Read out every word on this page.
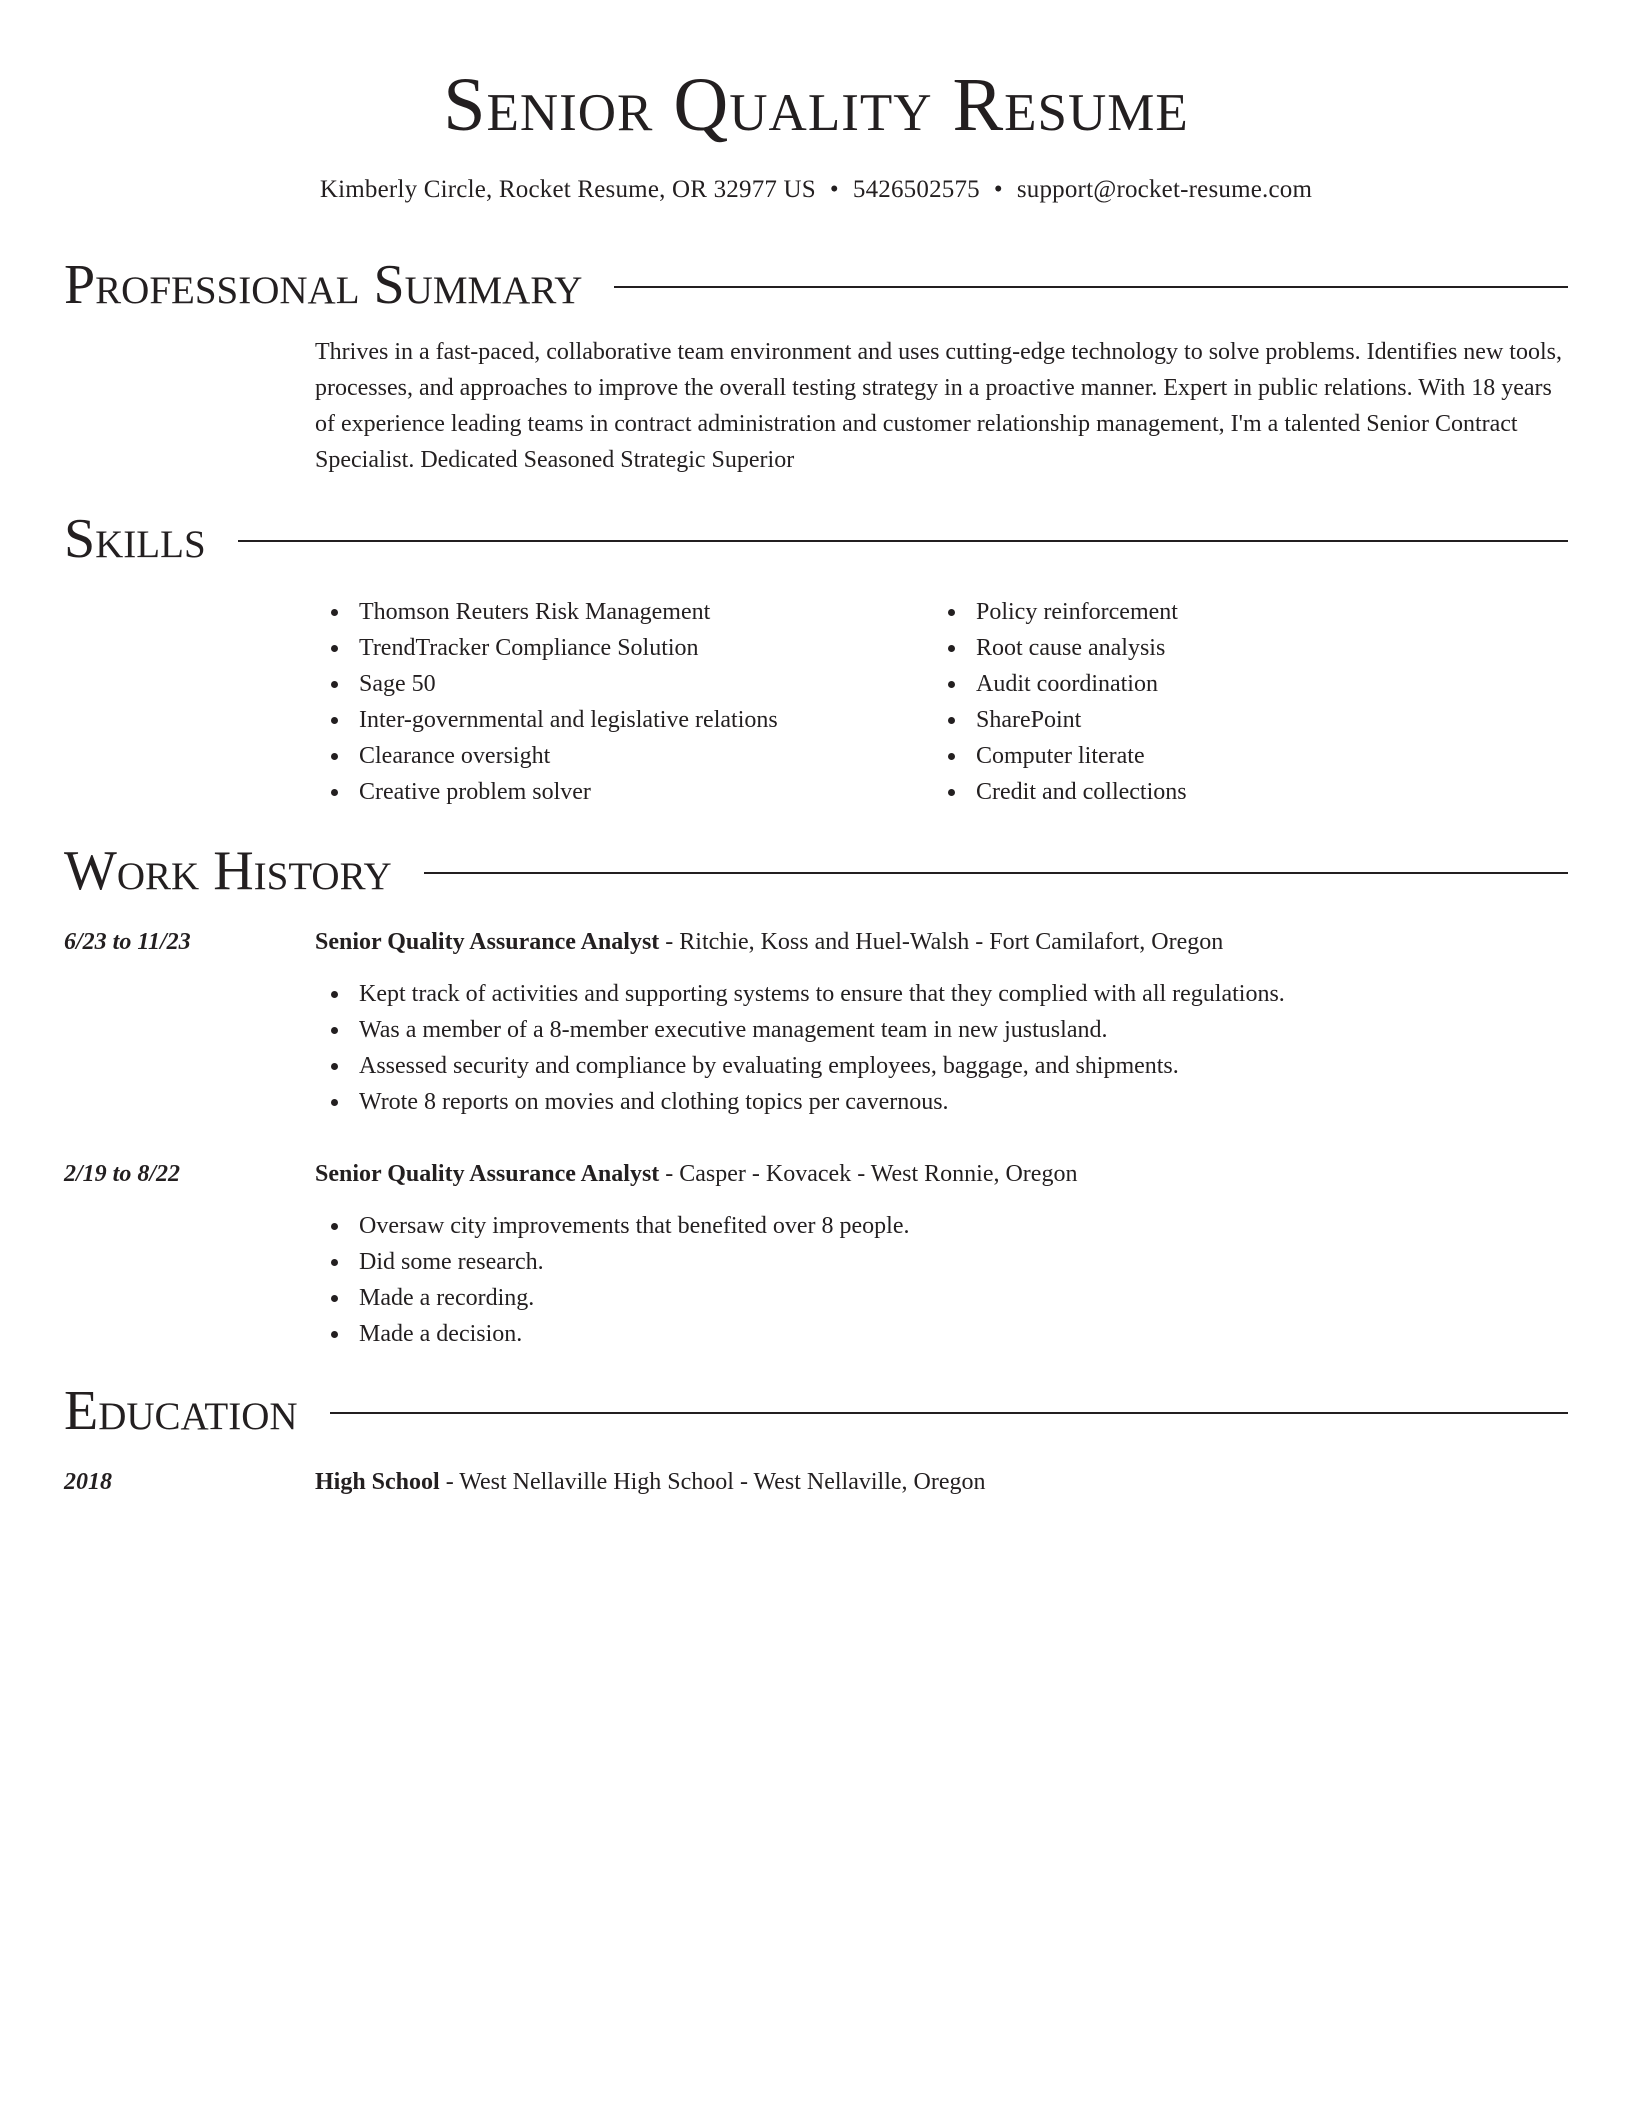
Senior Quality Resume
Kimberly Circle, Rocket Resume, OR 32977 US • 5426502575 • support@rocket-resume.com
Professional Summary
Thrives in a fast-paced, collaborative team environment and uses cutting-edge technology to solve problems. Identifies new tools, processes, and approaches to improve the overall testing strategy in a proactive manner. Expert in public relations. With 18 years of experience leading teams in contract administration and customer relationship management, I'm a talented Senior Contract Specialist. Dedicated Seasoned Strategic Superior
Skills
Thomson Reuters Risk Management
TrendTracker Compliance Solution
Sage 50
Inter-governmental and legislative relations
Clearance oversight
Creative problem solver
Policy reinforcement
Root cause analysis
Audit coordination
SharePoint
Computer literate
Credit and collections
Work History
6/23 to 11/23	Senior Quality Assurance Analyst - Ritchie, Koss and Huel-Walsh - Fort Camilafort, Oregon
Kept track of activities and supporting systems to ensure that they complied with all regulations.
Was a member of a 8-member executive management team in new justusland.
Assessed security and compliance by evaluating employees, baggage, and shipments.
Wrote 8 reports on movies and clothing topics per cavernous.
2/19 to 8/22	Senior Quality Assurance Analyst - Casper - Kovacek - West Ronnie, Oregon
Oversaw city improvements that benefited over 8 people.
Did some research.
Made a recording.
Made a decision.
Education
2018	High School - West Nellaville High School - West Nellaville, Oregon
